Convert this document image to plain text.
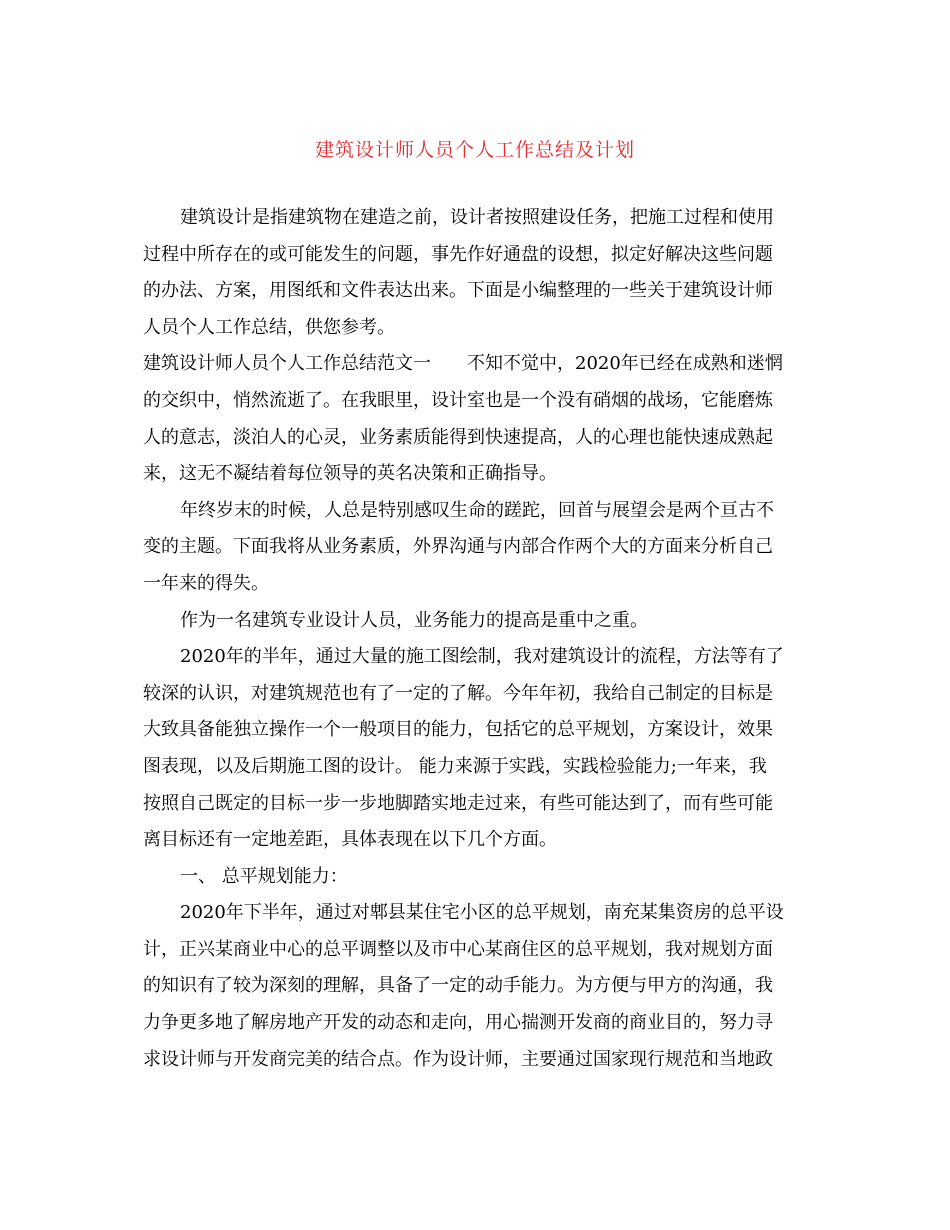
建筑设计师人员个人工作总结及计划
建筑设计是指建筑物在建造之前，设计者按照建设任务，把施工过程和使用
过程中所存在的或可能发生的问题，事先作好通盘的设想，拟定好解决这些问题
的办法、方案，用图纸和文件表达出来。下面是小编整理的一些关于建筑设计师
人员个人工作总结，供您参考。
建筑设计师人员个人工作总结范文一　　不知不觉中，2020年已经在成熟和迷惘
的交织中，悄然流逝了。在我眼里，设计室也是一个没有硝烟的战场，它能磨炼
人的意志，淡泊人的心灵，业务素质能得到快速提高，人的心理也能快速成熟起
来，这无不凝结着每位领导的英名决策和正确指导。
年终岁末的时候，人总是特别感叹生命的蹉跎，回首与展望会是两个亘古不
变的主题。下面我将从业务素质，外界沟通与内部合作两个大的方面来分析自己
一年来的得失。
作为一名建筑专业设计人员，业务能力的提高是重中之重。
2020年的半年，通过大量的施工图绘制，我对建筑设计的流程，方法等有了
较深的认识，对建筑规范也有了一定的了解。今年年初，我给自己制定的目标是
大致具备能独立操作一个一般项目的能力，包括它的总平规划，方案设计，效果
图表现，以及后期施工图的设计。 能力来源于实践，实践检验能力;一年来，我
按照自己既定的目标一步一步地脚踏实地走过来，有些可能达到了，而有些可能
离目标还有一定地差距，具体表现在以下几个方面。
一、 总平规划能力：
2020年下半年，通过对郫县某住宅小区的总平规划，南充某集资房的总平设
计，正兴某商业中心的总平调整以及市中心某商住区的总平规划，我对规划方面
的知识有了较为深刻的理解，具备了一定的动手能力。为方便与甲方的沟通，我
力争更多地了解房地产开发的动态和走向，用心揣测开发商的商业目的，努力寻
求设计师与开发商完美的结合点。作为设计师，主要通过国家现行规范和当地政
